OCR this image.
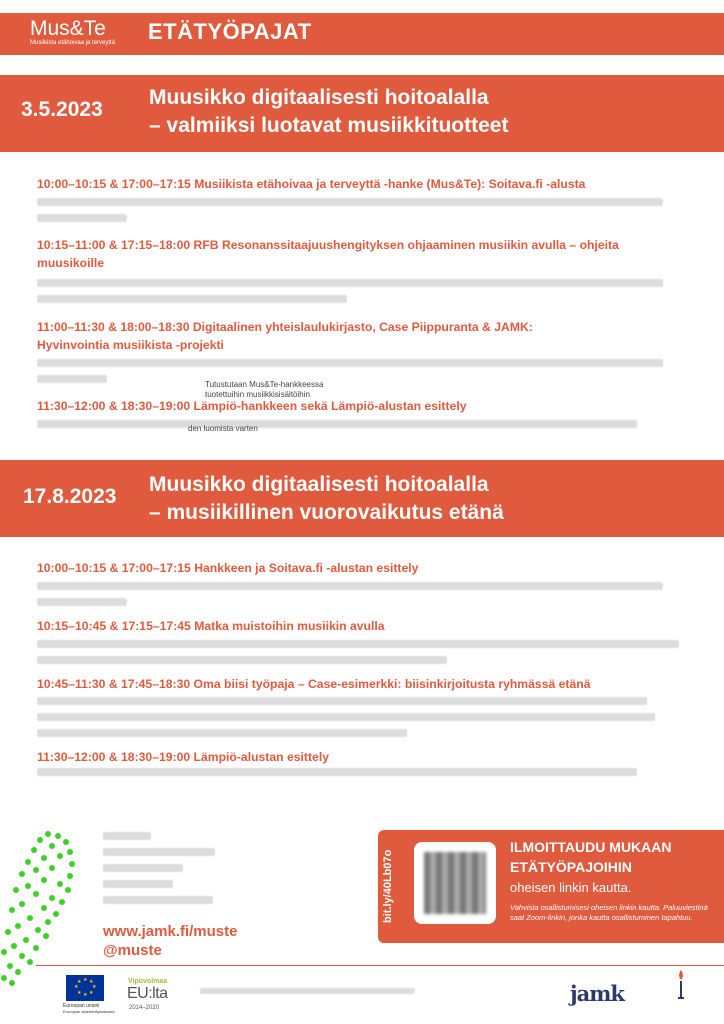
Mus&Te
Musiikista etähoivaa ja terveyttä ETÄTYÖPAJAT
3.5.2023
Muusikko digitaalisesti hoitoalalla
– valmiiksi luotavat musiikkituotteet
10:00–10:15 & 17:00–17:15 Musiikista etähoivaa ja terveyttä -hanke (Mus&Te): Soitava.fi -alusta
10:15–11:00 & 17:15–18:00 RFB Resonanssitaajuushengityksen ohjaaminen musiikin avulla – ohjeita muusikoille
11:00–11:30 & 18:00–18:30 Digitaalinen yhteislaulukirjasto, Case Piippuranta & JAMK: Hyvinvointia musiikista -projekti
Tutustutaan Mus&Te-hankkeessa
tuotettuihin musiikkisisältöihin
11:30–12:00 & 18:30–19:00 Lämpiö-hankkeen sekä Lämpiö-alustan esittely
den luomista varten
17.8.2023
Muusikko digitaalisesti hoitoalalla
– musiikillinen vuorovaikutus etänä
10:00–10:15 & 17:00–17:15 Hankkeen ja Soitava.fi -alustan esittely
10:15–10:45 & 17:15–17:45 Matka muistoihin musiikin avulla
10:45–11:30 & 17:45–18:30 Oma biisi työpaja – Case-esimerkki: biisinkirjoitusta ryhmässä etänä
11:30–12:00 & 18:30–19:00 Lämpiö-alustan esittely
www.jamk.fi/muste
@muste
bit.ly/40Lb07o
ILMOITTAUDU MUKAAN
ETÄTYÖPAJOIHIN
oheisen linkin kautta.
Vahvista osallistumisesi oheisen linkin kautta. Paluuviestinä saat Zoom-linkin, jonka kautta osallistuminen tapahtuu.
★ ★
★
★
★
★
★
★
Euroopan unioni
Euroopan aluekehitysrahasto
Vipuvoimaa
EU:lta
2014–2020
jamk
